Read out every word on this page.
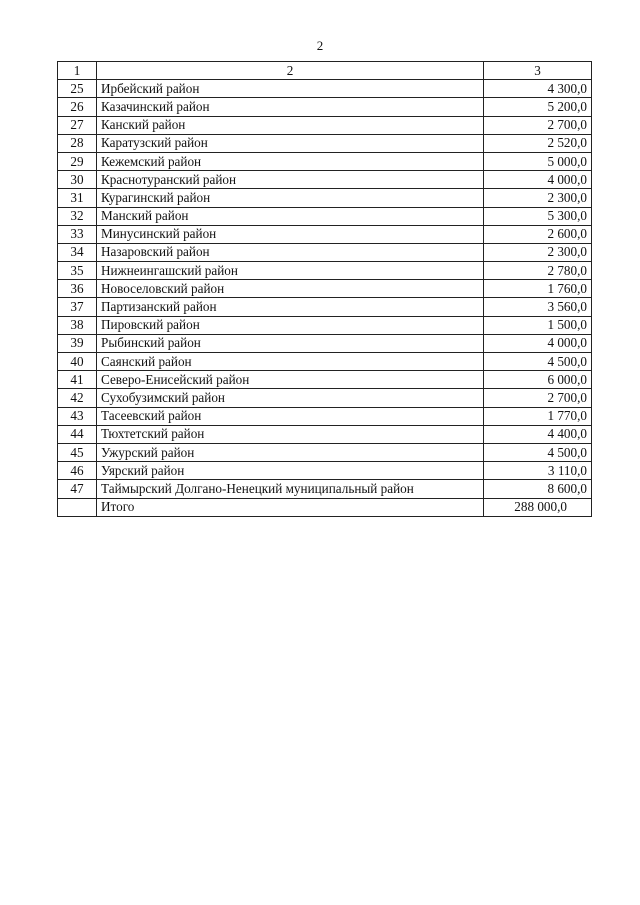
2
1	2	3
25	Ирбейский район	4 300,0
26	Казачинский район	5 200,0
27	Канский район	2 700,0
28	Каратузский район	2 520,0
29	Кежемский район	5 000,0
30	Краснотуранский район	4 000,0
31	Курагинский район	2 300,0
32	Манский район	5 300,0
33	Минусинский район	2 600,0
34	Назаровский район	2 300,0
35	Нижнеингашский район	2 780,0
36	Новоселовский район	1 760,0
37	Партизанский район	3 560,0
38	Пировский район	1 500,0
39	Рыбинский район	4 000,0
40	Саянский район	4 500,0
41	Северо-Енисейский район	6 000,0
42	Сухобузимский район	2 700,0
43	Тасеевский район	1 770,0
44	Тюхтетский район	4 400,0
45	Ужурский район	4 500,0
46	Уярский район	3 110,0
47	Таймырский Долгано-Ненецкий муниципальный район	8 600,0
	Итого	288 000,0
